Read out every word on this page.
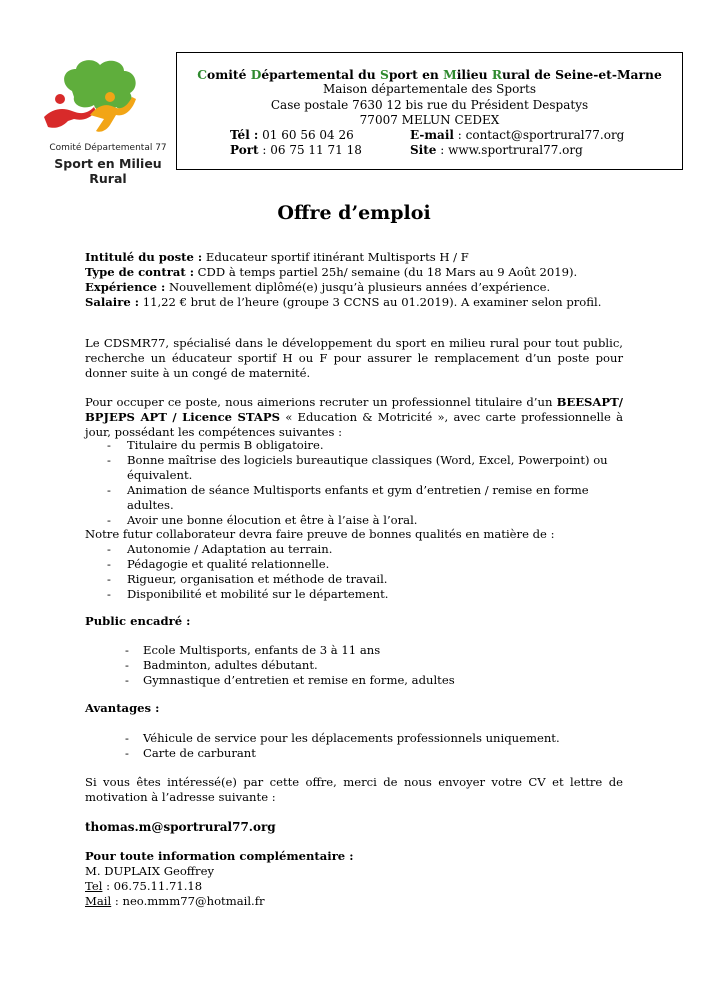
Comité Départemental 77
Sport en Milieu Rural
Comité Départemental du Sport en Milieu Rural de Seine-et-Marne
Maison départementale des Sports
Case postale 7630 12 bis rue du Président Despatys
77007 MELUN CEDEX
Tél : 01 60 56 04 26	E-mail : contact@sportrural77.org
Port : 06 75 11 71 18	Site : www.sportrural77.org
Offre d’emploi
Intitulé du poste : Educateur sportif itinérant Multisports H / F
Type de contrat : CDD à temps partiel 25h/ semaine (du 18 Mars au 9 Août 2019).
Expérience : Nouvellement diplômé(e) jusqu’à plusieurs années d’expérience.
Salaire : 11,22 € brut de l’heure (groupe 3 CCNS au 01.2019). A examiner selon profil.
Le CDSMR77, spécialisé dans le développement du sport en milieu rural pour tout public, recherche un éducateur sportif H ou F pour assurer le remplacement d’un poste pour donner suite à un congé de maternité.
Pour occuper ce poste, nous aimerions recruter un professionnel titulaire d’un BEESAPT/ BPJEPS APT / Licence STAPS « Education & Motricité », avec carte professionnelle à jour, possédant les compétences suivantes :
- Titulaire du permis B obligatoire.
- Bonne maîtrise des logiciels bureautique classiques (Word, Excel, Powerpoint) ou équivalent.
- Animation de séance Multisports enfants et gym d’entretien / remise en forme adultes.
- Avoir une bonne élocution et être à l’aise à l’oral.
Notre futur collaborateur devra faire preuve de bonnes qualités en matière de :
- Autonomie / Adaptation au terrain.
- Pédagogie et qualité relationnelle.
- Rigueur, organisation et méthode de travail.
- Disponibilité et mobilité sur le département.
Public encadré :
- Ecole Multisports, enfants de 3 à 11 ans
- Badminton, adultes débutant.
- Gymnastique d’entretien et remise en forme, adultes
Avantages :
- Véhicule de service pour les déplacements professionnels uniquement.
- Carte de carburant
Si vous êtes intéressé(e) par cette offre, merci de nous envoyer votre CV et lettre de motivation à l’adresse suivante :
thomas.m@sportrural77.org
Pour toute information complémentaire :
M. DUPLAIX Geoffrey
Tel : 06.75.11.71.18
Mail : neo.mmm77@hotmail.fr
